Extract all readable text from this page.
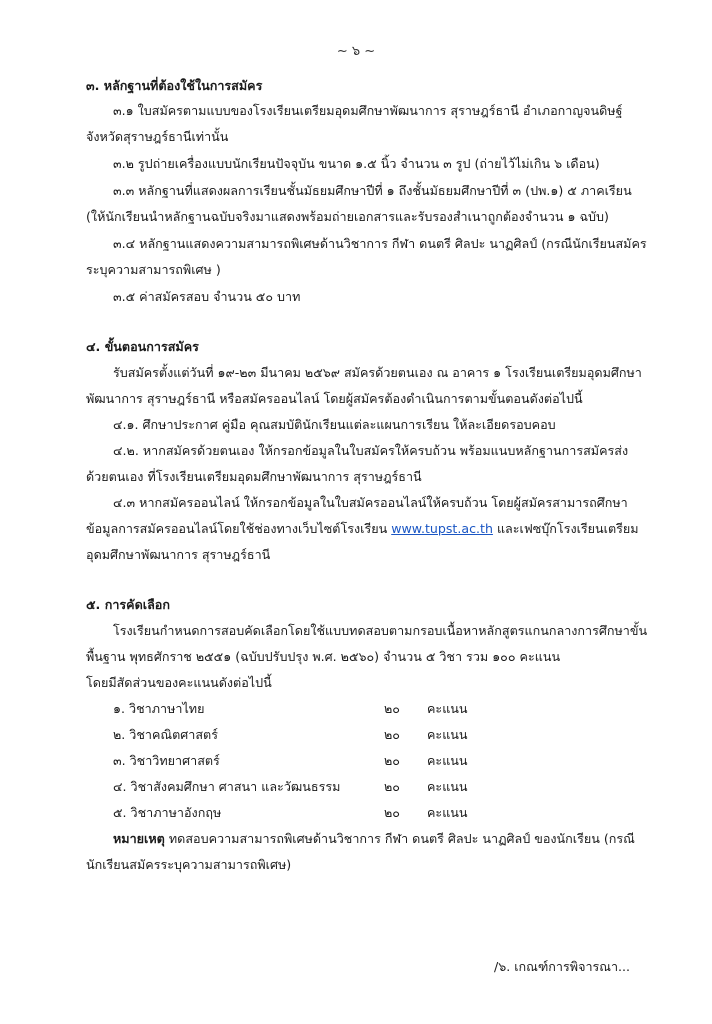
~ ๖ ~
๓. หลักฐานที่ต้องใช้ในการสมัคร
๓.๑ ใบสมัครตามแบบของโรงเรียนเตรียมอุดมศึกษาพัฒนาการ สุราษฎร์ธานี อำเภอกาญจนดิษฐ์
จังหวัดสุราษฎร์ธานีเท่านั้น
๓.๒ รูปถ่ายเครื่องแบบนักเรียนปัจจุบัน ขนาด ๑.๕ นิ้ว จำนวน ๓ รูป (ถ่ายไว้ไม่เกิน ๖ เดือน)
๓.๓ หลักฐานที่แสดงผลการเรียนชั้นมัธยมศึกษาปีที่ ๑ ถึงชั้นมัธยมศึกษาปีที่ ๓ (ปพ.๑) ๕ ภาคเรียน
(ให้นักเรียนนำหลักฐานฉบับจริงมาแสดงพร้อมถ่ายเอกสารและรับรองสำเนาถูกต้องจำนวน ๑ ฉบับ)
๓.๔ หลักฐานแสดงความสามารถพิเศษด้านวิชาการ กีฬา ดนตรี ศิลปะ นาฏศิลป์ (กรณีนักเรียนสมัคร
ระบุความสามารถพิเศษ )
๓.๕ ค่าสมัครสอบ จำนวน ๕๐ บาท
๔. ขั้นตอนการสมัคร
รับสมัครตั้งแต่วันที่ ๑๙-๒๓ มีนาคม ๒๕๖๙ สมัครด้วยตนเอง ณ อาคาร ๑ โรงเรียนเตรียมอุดมศึกษา
พัฒนาการ สุราษฎร์ธานี หรือสมัครออนไลน์ โดยผู้สมัครต้องดำเนินการตามขั้นตอนดังต่อไปนี้
๔.๑. ศึกษาประกาศ คู่มือ คุณสมบัตินักเรียนแต่ละแผนการเรียน ให้ละเอียดรอบคอบ
๔.๒. หากสมัครด้วยตนเอง ให้กรอกข้อมูลในใบสมัครให้ครบถ้วน พร้อมแนบหลักฐานการสมัครส่ง
ด้วยตนเอง ที่โรงเรียนเตรียมอุดมศึกษาพัฒนาการ สุราษฎร์ธานี
๔.๓ หากสมัครออนไลน์ ให้กรอกข้อมูลในใบสมัครออนไลน์ให้ครบถ้วน โดยผู้สมัครสามารถศึกษา
ข้อมูลการสมัครออนไลน์โดยใช้ช่องทางเว็บไซต์โรงเรียน www.tupst.ac.th และเฟซบุ๊กโรงเรียนเตรียม
อุดมศึกษาพัฒนาการ สุราษฎร์ธานี
๕. การคัดเลือก
โรงเรียนกำหนดการสอบคัดเลือกโดยใช้แบบทดสอบตามกรอบเนื้อหาหลักสูตรแกนกลางการศึกษาขั้น
พื้นฐาน พุทธศักราช ๒๕๕๑ (ฉบับปรับปรุง พ.ศ. ๒๕๖๐) จำนวน ๕ วิชา รวม ๑๐๐ คะแนน
โดยมีสัดส่วนของคะแนนดังต่อไปนี้
๑. วิชาภาษาไทย	๒๐ คะแนน
๒. วิชาคณิตศาสตร์	๒๐ คะแนน
๓. วิชาวิทยาศาสตร์	๒๐ คะแนน
๔. วิชาสังคมศึกษา ศาสนา และวัฒนธรรม	๒๐ คะแนน
๕. วิชาภาษาอังกฤษ	๒๐ คะแนน
หมายเหตุ ทดสอบความสามารถพิเศษด้านวิชาการ กีฬา ดนตรี ศิลปะ นาฏศิลป์ ของนักเรียน (กรณี
นักเรียนสมัครระบุความสามารถพิเศษ)
/๖. เกณฑ์การพิจารณา...
